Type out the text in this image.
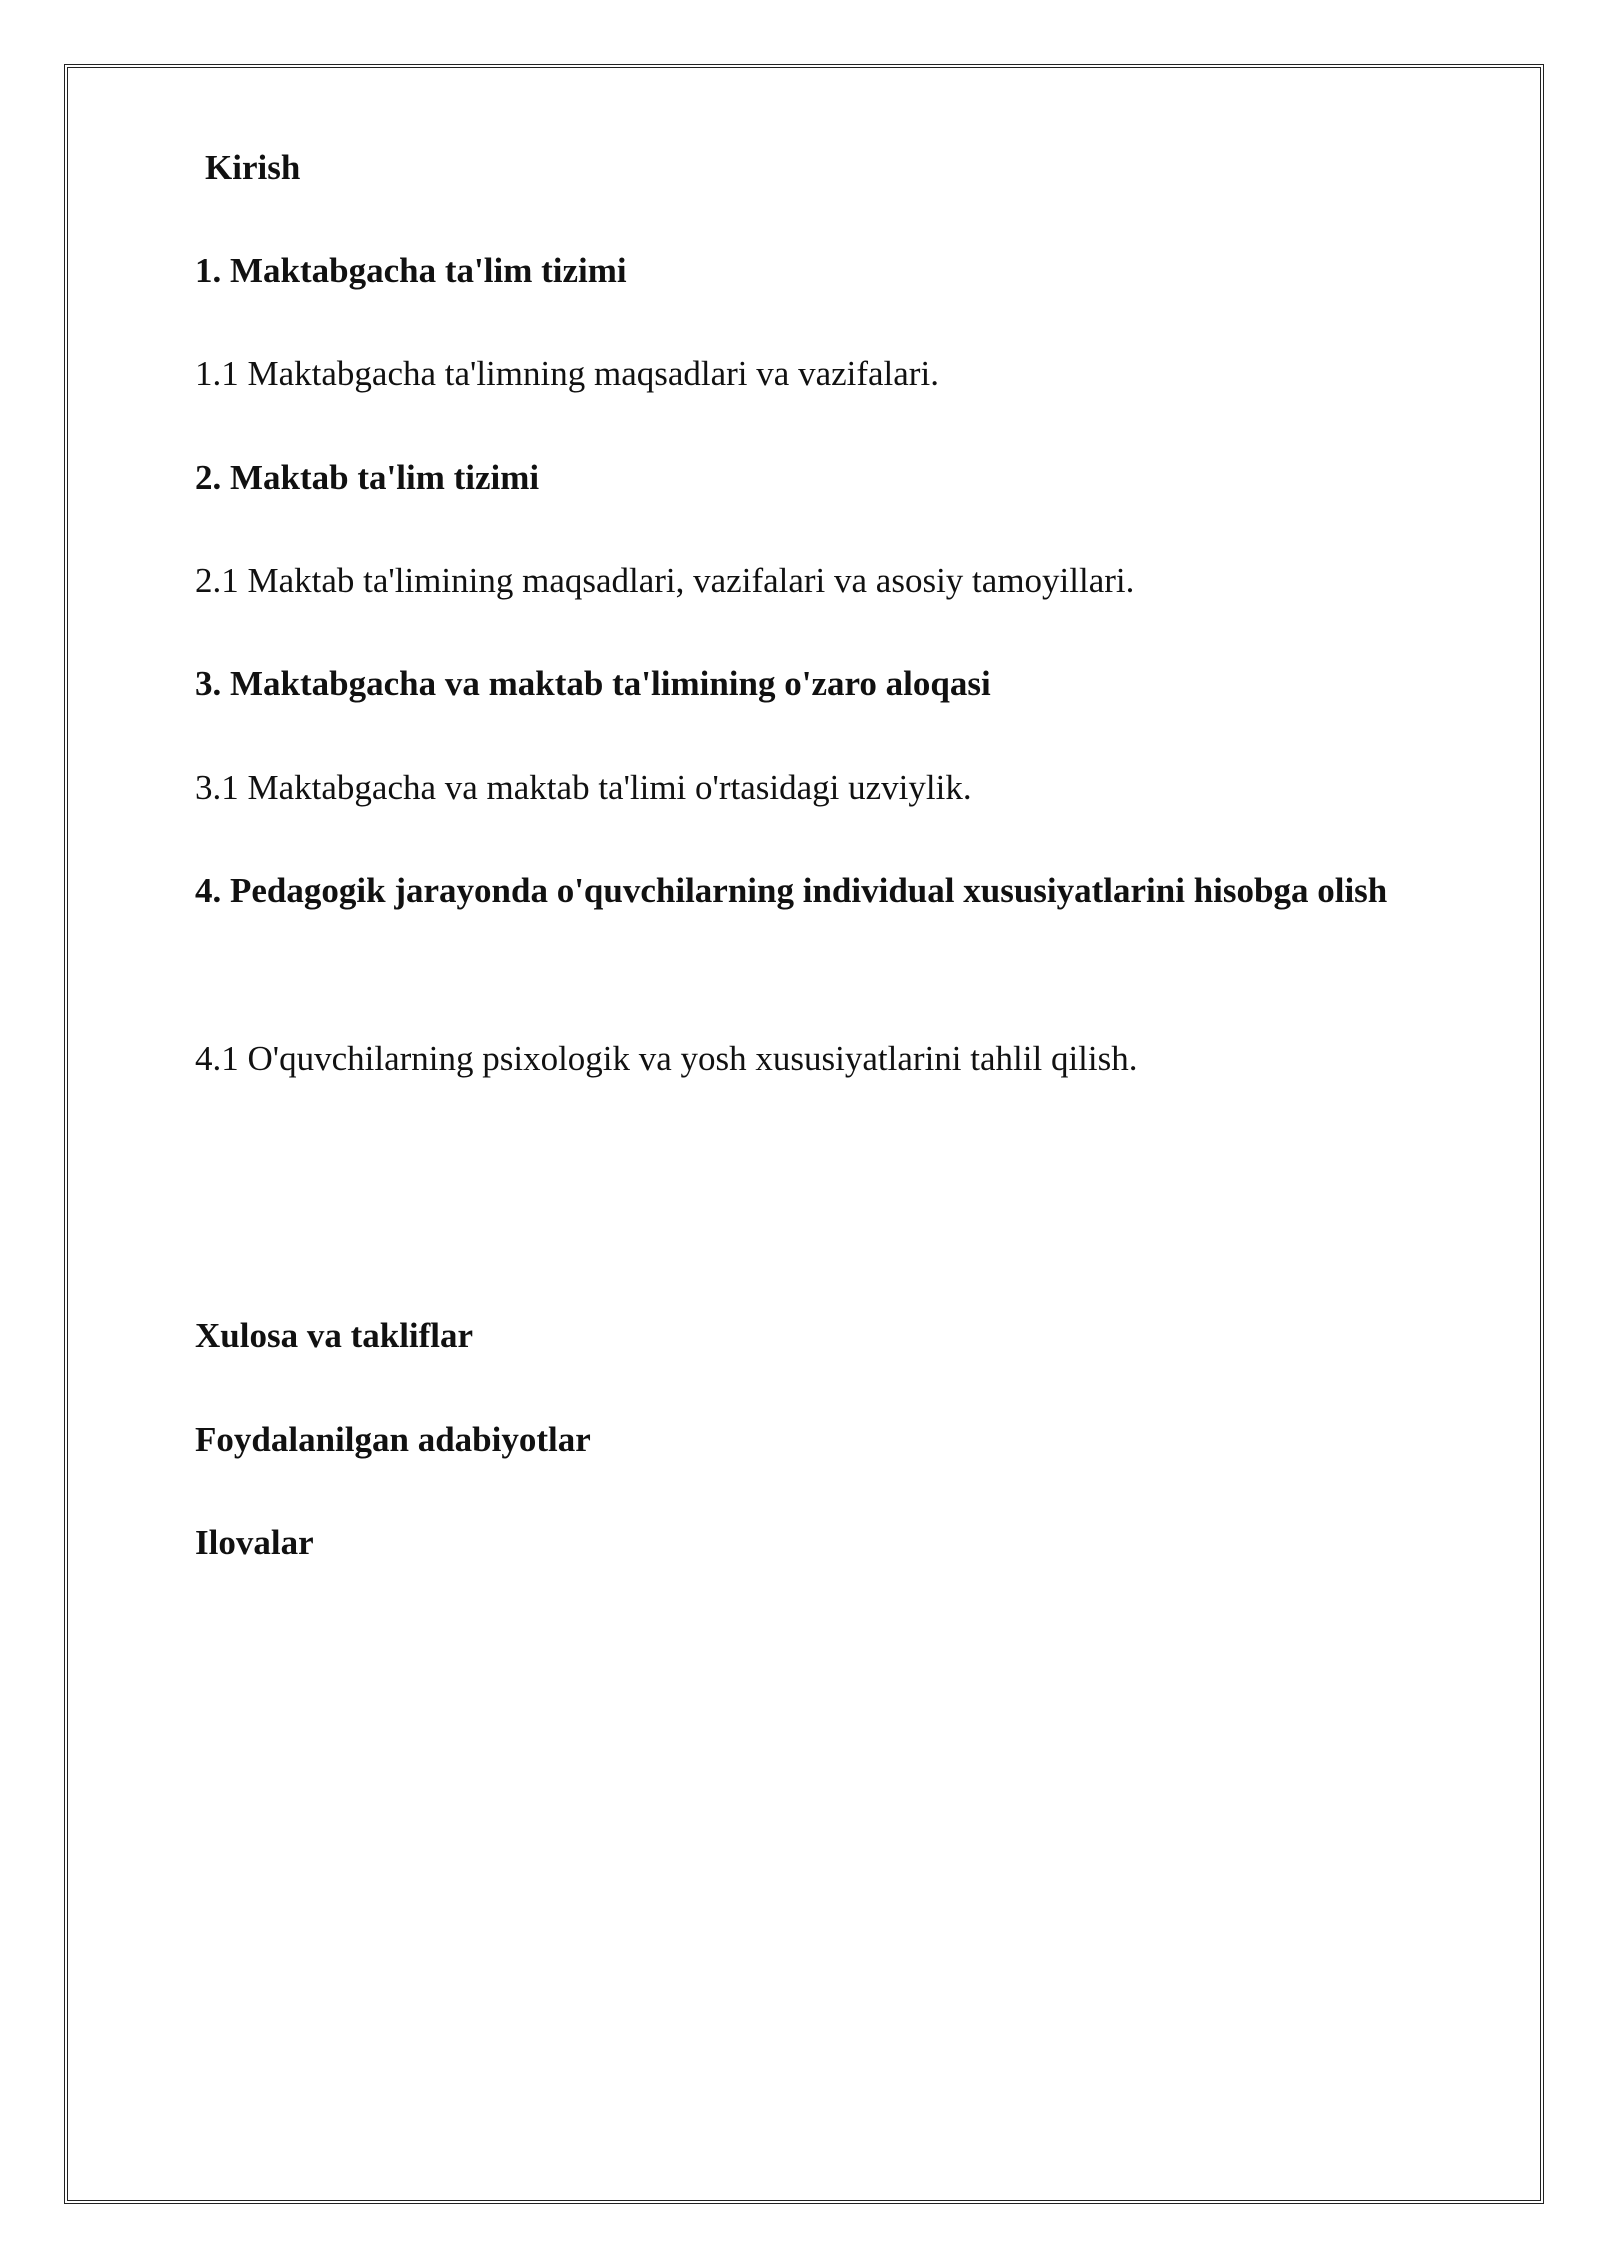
Kirish

1. Maktabgacha ta'lim tizimi

1.1 Maktabgacha ta'limning maqsadlari va vazifalari.

2. Maktab ta'lim tizimi

2.1 Maktab ta'limining maqsadlari, vazifalari va asosiy tamoyillari.

3. Maktabgacha va maktab ta'limining o'zaro aloqasi

3.1 Maktabgacha va maktab ta'limi o'rtasidagi uzviylik.

4. Pedagogik jarayonda o'quvchilarning individual xususiyatlarini hisobga olish

4.1 O'quvchilarning psixologik va yosh xususiyatlarini tahlil qilish.

Xulosa va takliflar

Foydalanilgan adabiyotlar

Ilovalar
